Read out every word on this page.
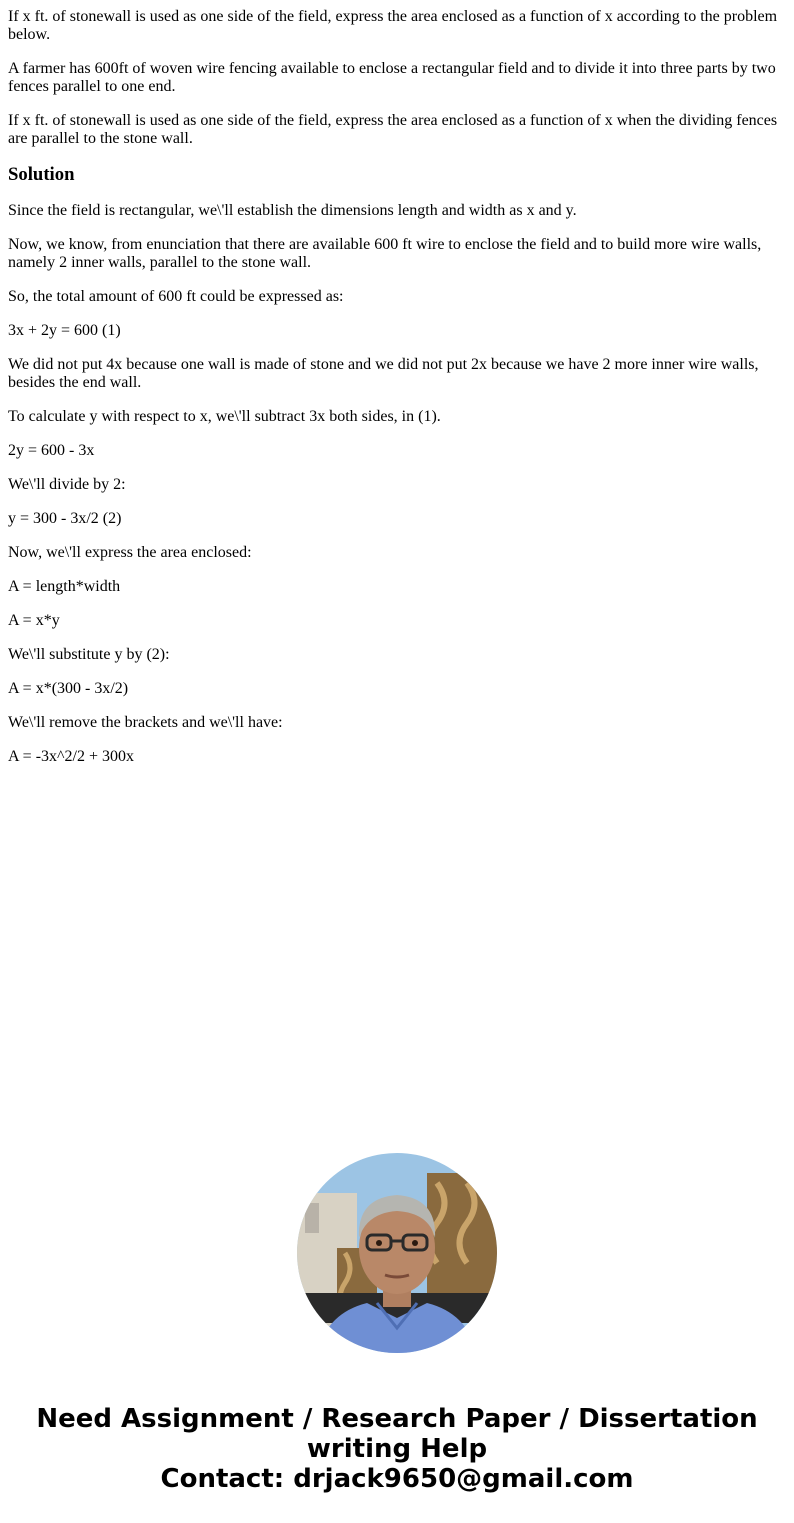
If x ft. of stonewall is used as one side of the field, express the area enclosed as a function of x according to the problem below.

A farmer has 600ft of woven wire fencing available to enclose a rectangular field and to divide it into three parts by two fences parallel to one end.

If x ft. of stonewall is used as one side of the field, express the area enclosed as a function of x when the dividing fences are parallel to the stone wall.

Solution

Since the field is rectangular, we\'ll establish the dimensions length and width as x and y.

Now, we know, from enunciation that there are available 600 ft wire to enclose the field and to build more wire walls, namely 2 inner walls, parallel to the stone wall.

So, the total amount of 600 ft could be expressed as:

3x + 2y = 600 (1)

We did not put 4x because one wall is made of stone and we did not put 2x because we have 2 more inner wire walls, besides the end wall.

To calculate y with respect to x, we\'ll subtract 3x both sides, in (1).

2y = 600 - 3x

We\'ll divide by 2:

y = 300 - 3x/2 (2)

Now, we\'ll express the area enclosed:

A = length*width

A = x*y

We\'ll substitute y by (2):

A = x*(300 - 3x/2)

We\'ll remove the brackets and we\'ll have:

A = -3x^2/2 + 300x

Need Assignment / Research Paper / Dissertation
writing Help
Contact: drjack9650@gmail.com
